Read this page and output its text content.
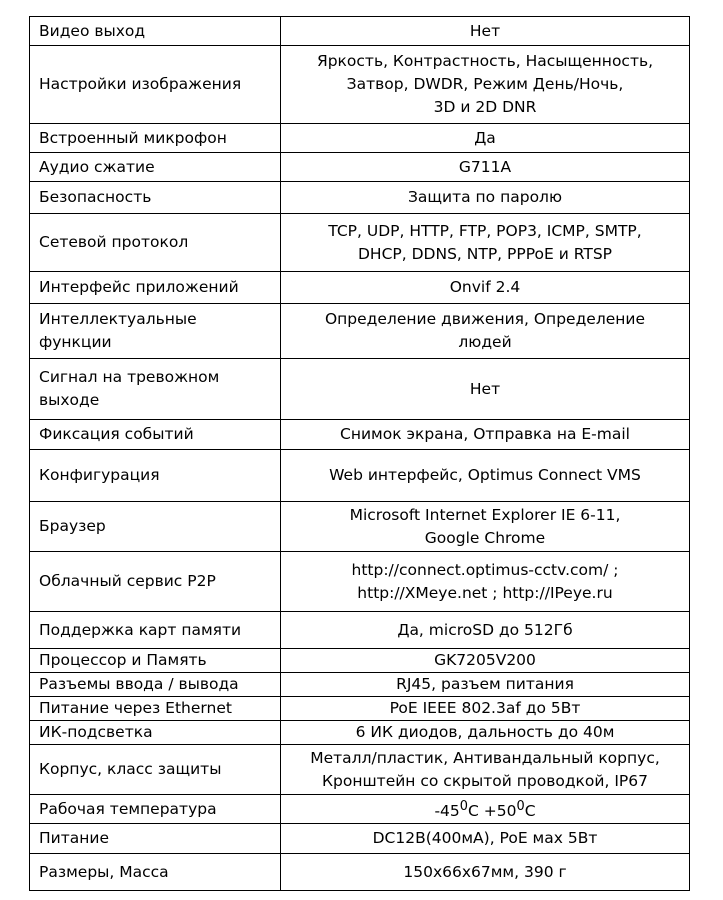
Видео выход	Нет
Настройки изображения	Яркость, Контрастность, Насыщенность,
Затвор, DWDR, Режим День/Ночь,
3D и 2D DNR
Встроенный микрофон	Да
Аудио сжатие	G711A
Безопасность	Защита по паролю
Сетевой протокол	TCP, UDP, HTTP, FTP, POP3, ICMP, SMTP,
DHCP, DDNS, NTP, PPPoE и RTSP
Интерфейс приложений	Onvif 2.4
Интеллектуальные функции	Определение движения, Определение
людей
Сигнал на тревожном
выходе	Нет
Фиксация событий	Снимок экрана, Отправка на E-mail
Конфигурация	Web интерфейс, Optimus Connect VMS
Браузер	Microsoft Internet Explorer IE 6-11,
Google Chrome
Облачный сервис P2P	http://connect.optimus-cctv.com/ ;
http://XMeye.net ; http://IPeye.ru
Поддержка карт памяти	Да, microSD до 512Гб
Процессор и Память	GK7205V200
Разъемы ввода / вывода	RJ45, разъем питания
Питание через Ethernet	PoE IEEE 802.3af до 5Вт
ИК-подсветка	6 ИК диодов, дальность до 40м
Корпус, класс защиты	Металл/пластик, Антивандальный корпус,
Кронштейн со скрытой проводкой, IP67
Рабочая температура	$-45^0C +50^0C$
Питание	DC12В(400мА), PoE мах 5Вт
Размеры, Масса	150х66х67мм, 390 г
